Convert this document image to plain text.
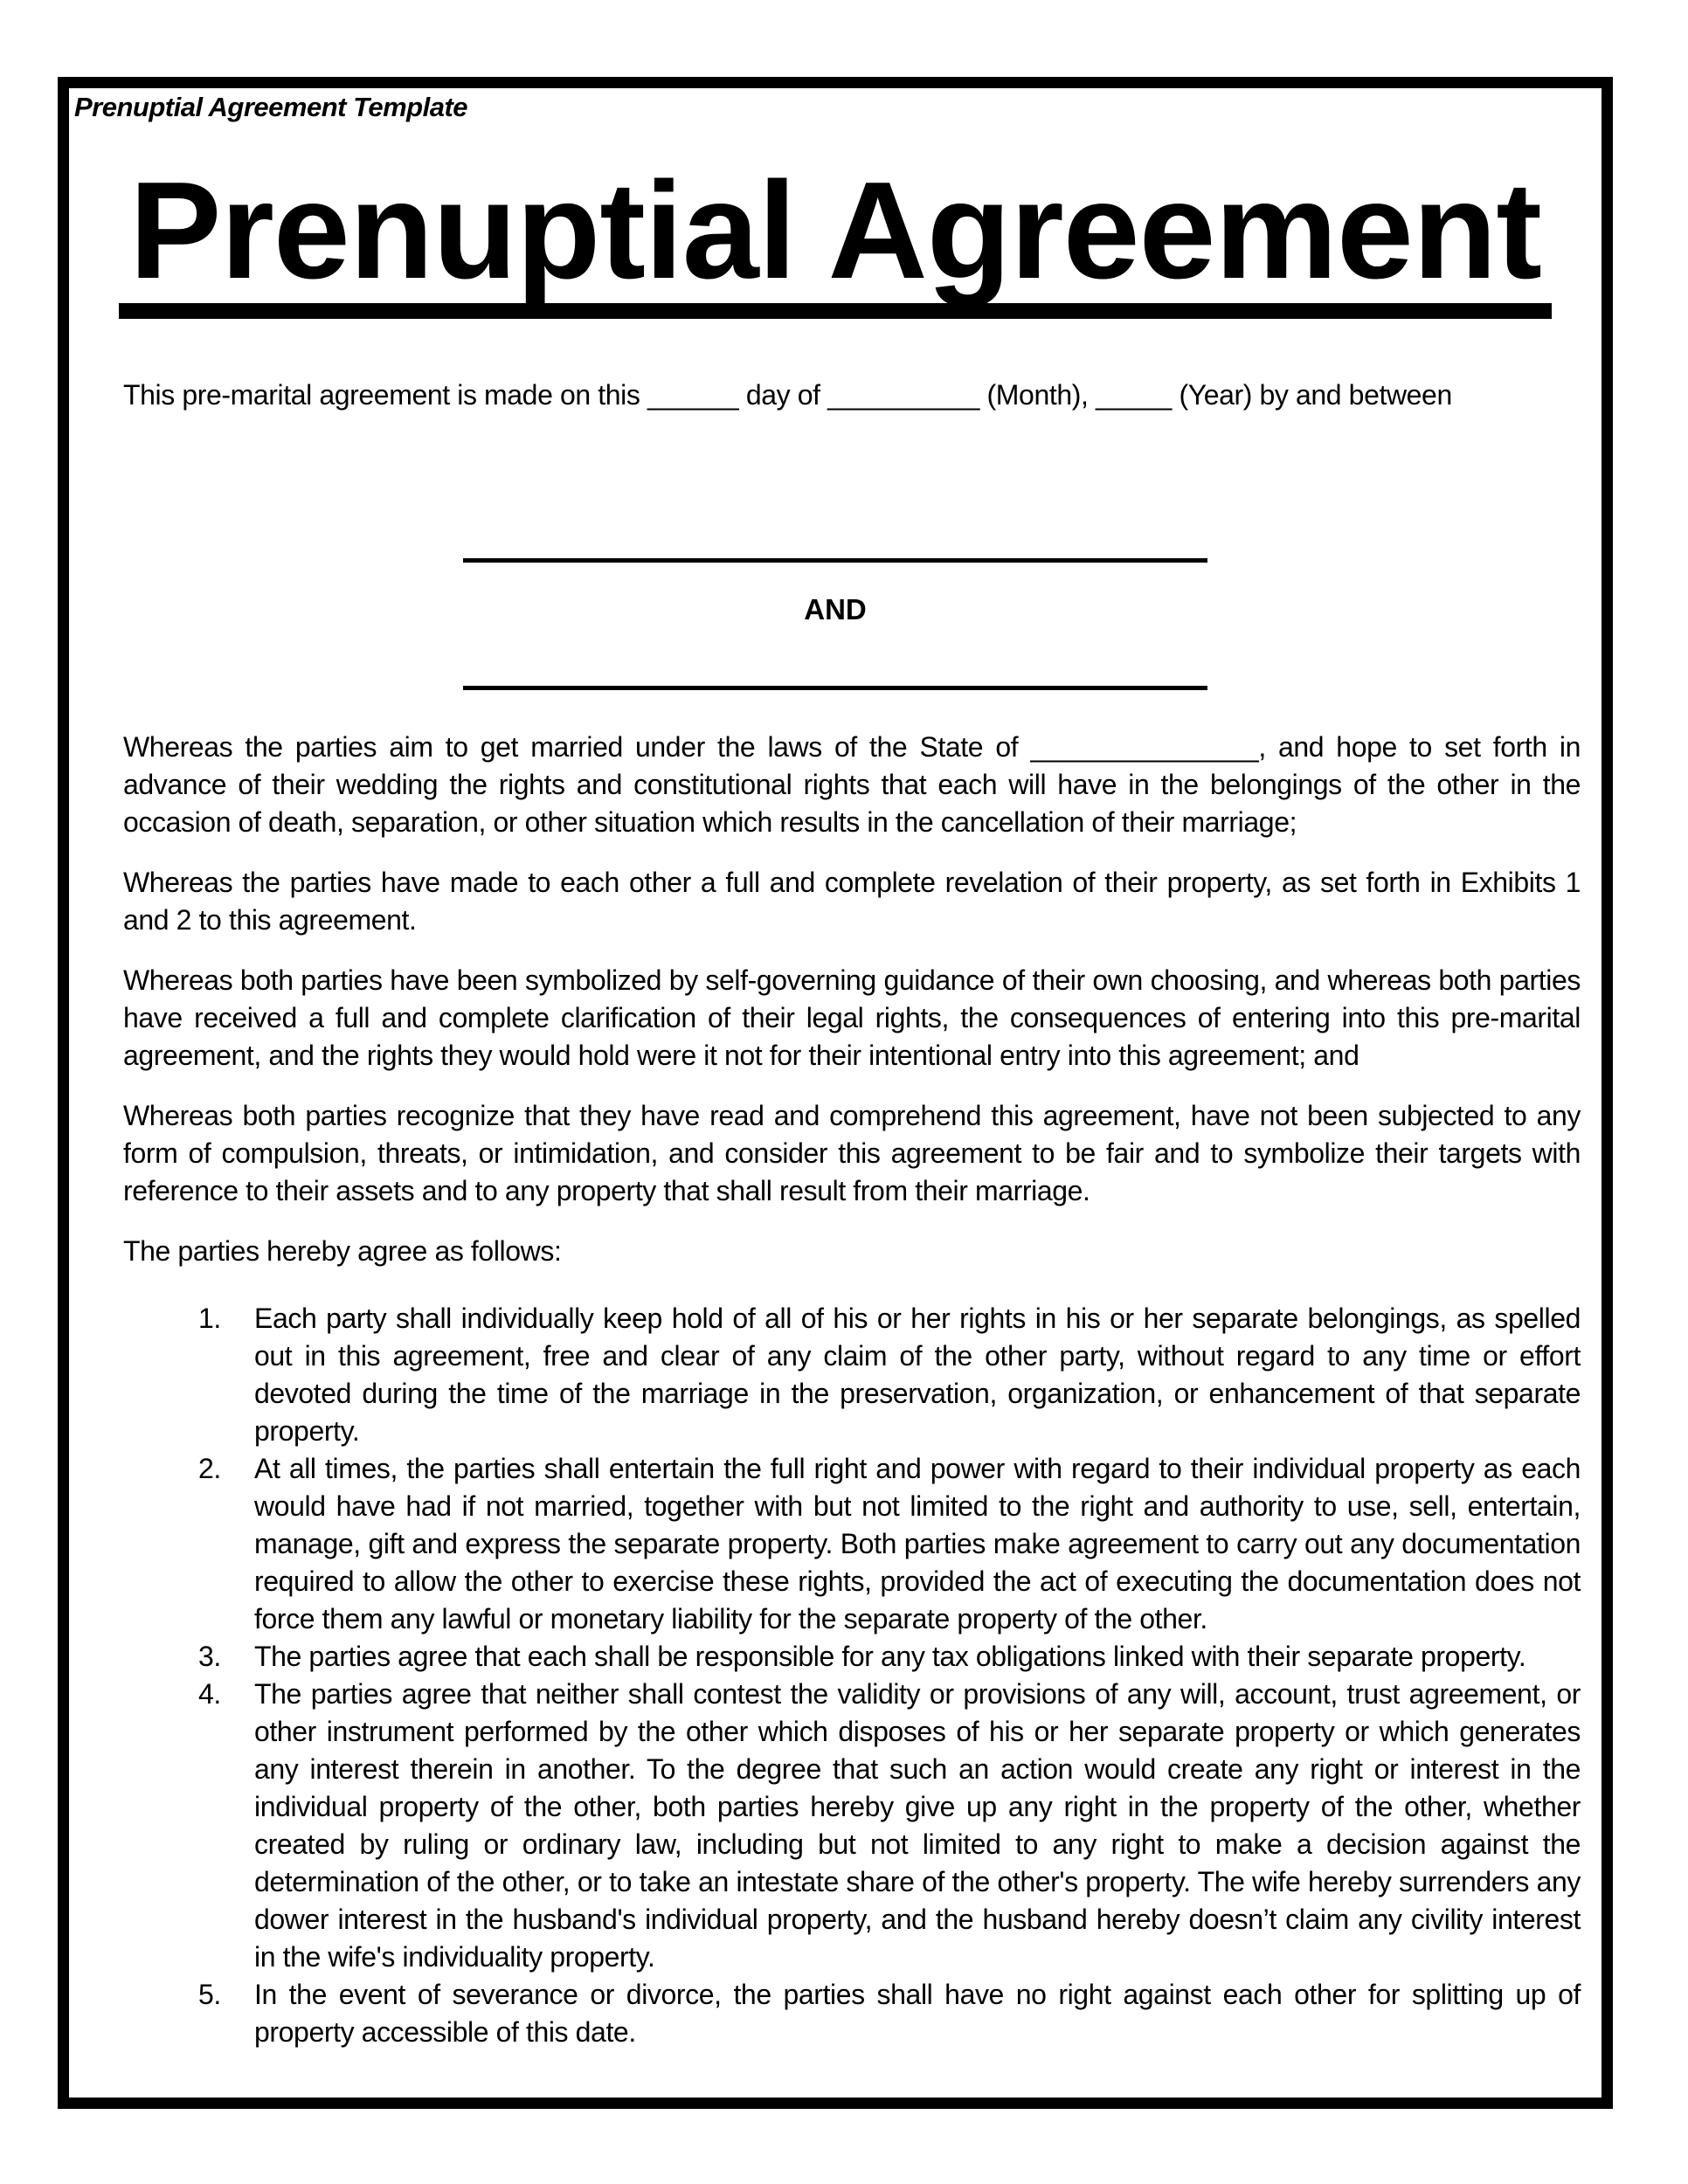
Prenuptial Agreement Template
Prenuptial Agreement

This pre-marital agreement is made on this ______ day of __________ (Month), _____ (Year) by and between

AND

Whereas the parties aim to get married under the laws of the State of _______________, and hope to set forth in advance of their wedding the rights and constitutional rights that each will have in the belongings of the other in the occasion of death, separation, or other situation which results in the cancellation of their marriage;

Whereas the parties have made to each other a full and complete revelation of their property, as set forth in Exhibits 1 and 2 to this agreement.

Whereas both parties have been symbolized by self-governing guidance of their own choosing, and whereas both parties have received a full and complete clarification of their legal rights, the consequences of entering into this pre-marital agreement, and the rights they would hold were it not for their intentional entry into this agreement; and

Whereas both parties recognize that they have read and comprehend this agreement, have not been subjected to any form of compulsion, threats, or intimidation, and consider this agreement to be fair and to symbolize their targets with reference to their assets and to any property that shall result from their marriage.

The parties hereby agree as follows:

1.	Each party shall individually keep hold of all of his or her rights in his or her separate belongings, as spelled out in this agreement, free and clear of any claim of the other party, without regard to any time or effort devoted during the time of the marriage in the preservation, organization, or enhancement of that separate property.
2.	At all times, the parties shall entertain the full right and power with regard to their individual property as each would have had if not married, together with but not limited to the right and authority to use, sell, entertain, manage, gift and express the separate property. Both parties make agreement to carry out any documentation required to allow the other to exercise these rights, provided the act of executing the documentation does not force them any lawful or monetary liability for the separate property of the other.
3.	The parties agree that each shall be responsible for any tax obligations linked with their separate property.
4.	The parties agree that neither shall contest the validity or provisions of any will, account, trust agreement, or other instrument performed by the other which disposes of his or her separate property or which generates any interest therein in another. To the degree that such an action would create any right or interest in the individual property of the other, both parties hereby give up any right in the property of the other, whether created by ruling or ordinary law, including but not limited to any right to make a decision against the determination of the other, or to take an intestate share of the other's property. The wife hereby surrenders any dower interest in the husband's individual property, and the husband hereby doesn’t claim any civility interest in the wife's individuality property.
5.	In the event of severance or divorce, the parties shall have no right against each other for splitting up of property accessible of this date.
